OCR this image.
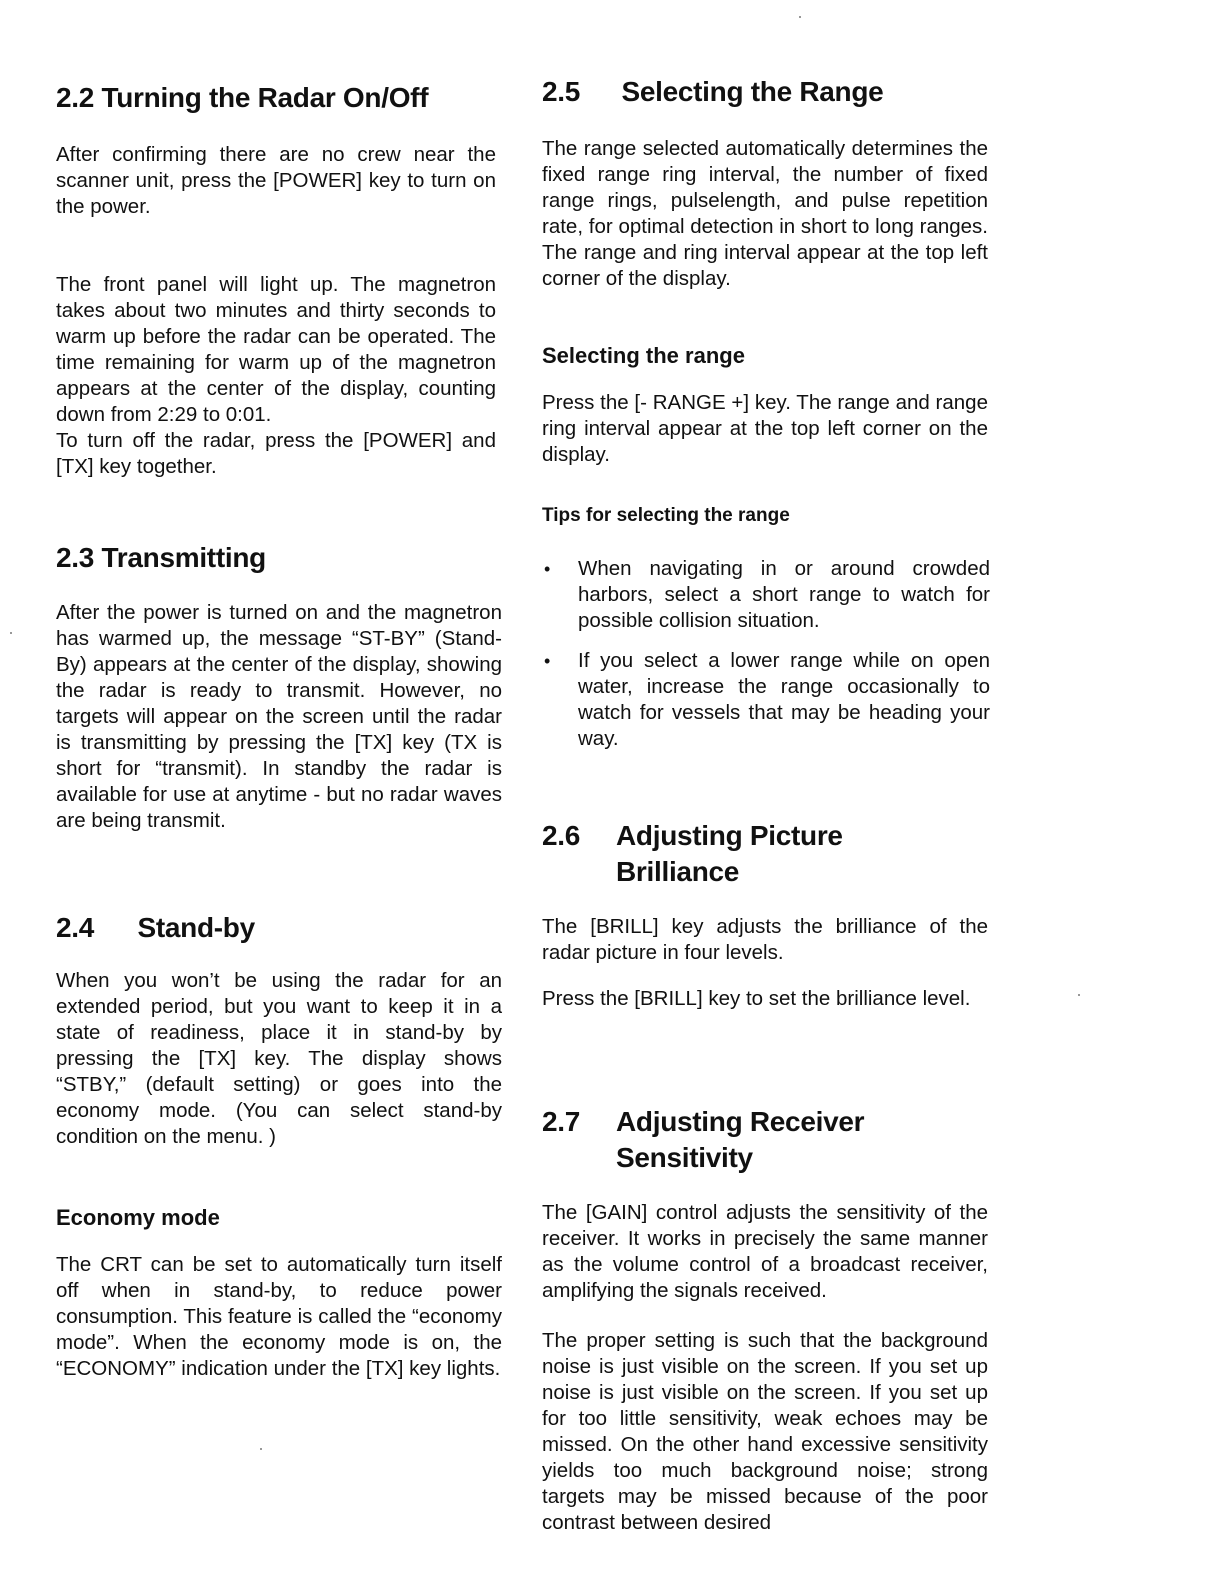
2.2 Turning the Radar On/Off

After confirming there are no crew near the scanner unit, press the [POWER] key to turn on the power.

The front panel will light up. The magnetron takes about two minutes and thirty seconds to warm up before the radar can be operated. The time remaining for warm up of the magnetron appears at the center of the display, counting down from 2:29 to 0:01.

To turn off the radar, press the [POWER] and [TX] key together.

2.3 Transmitting

After the power is turned on and the magnetron has warmed up, the message “ST-BY” (Stand-By) appears at the center of the display, showing the radar is ready to transmit. However, no targets will appear on the screen until the radar is transmitting by pressing the [TX] key (TX is short for “transmit). In standby the radar is available for use at anytime - but no radar waves are being transmit.

2.4 Stand-by

When you won’t be using the radar for an extended period, but you want to keep it in a state of readiness, place it in stand-by by pressing the [TX] key. The display shows “STBY,” (default setting) or goes into the economy mode. (You can select stand-by condition on the menu. )

Economy mode

The CRT can be set to automatically turn itself off when in stand-by, to reduce power consumption. This feature is called the “economy mode”. When the economy mode is on, the “ECONOMY” indication under the [TX] key lights.

2.5 Selecting the Range

The range selected automatically determines the fixed range ring interval, the number of fixed range rings, pulselength, and pulse repetition rate, for optimal detection in short to long ranges. The range and ring interval appear at the top left corner of the display.

Selecting the range

Press the [- RANGE +] key. The range and range ring interval appear at the top left corner on the display.

Tips for selecting the range
• When navigating in or around crowded harbors, select a short range to watch for possible collision situation.
• If you select a lower range while on open water, increase the range occasionally to watch for vessels that may be heading your way.
2.6 Adjusting Picture Brilliance

The [BRILL] key adjusts the brilliance of the radar picture in four levels.

Press the [BRILL] key to set the brilliance level.

2.7 Adjusting Receiver Sensitivity

The [GAIN] control adjusts the sensitivity of the receiver. It works in precisely the same manner as the volume control of a broadcast receiver, amplifying the signals received.

The proper setting is such that the background noise is just visible on the screen. If you set up noise is just visible on the screen. If you set up for too little sensitivity, weak echoes may be missed. On the other hand excessive sensitivity yields too much background noise; strong targets may be missed because of the poor contrast between desired
